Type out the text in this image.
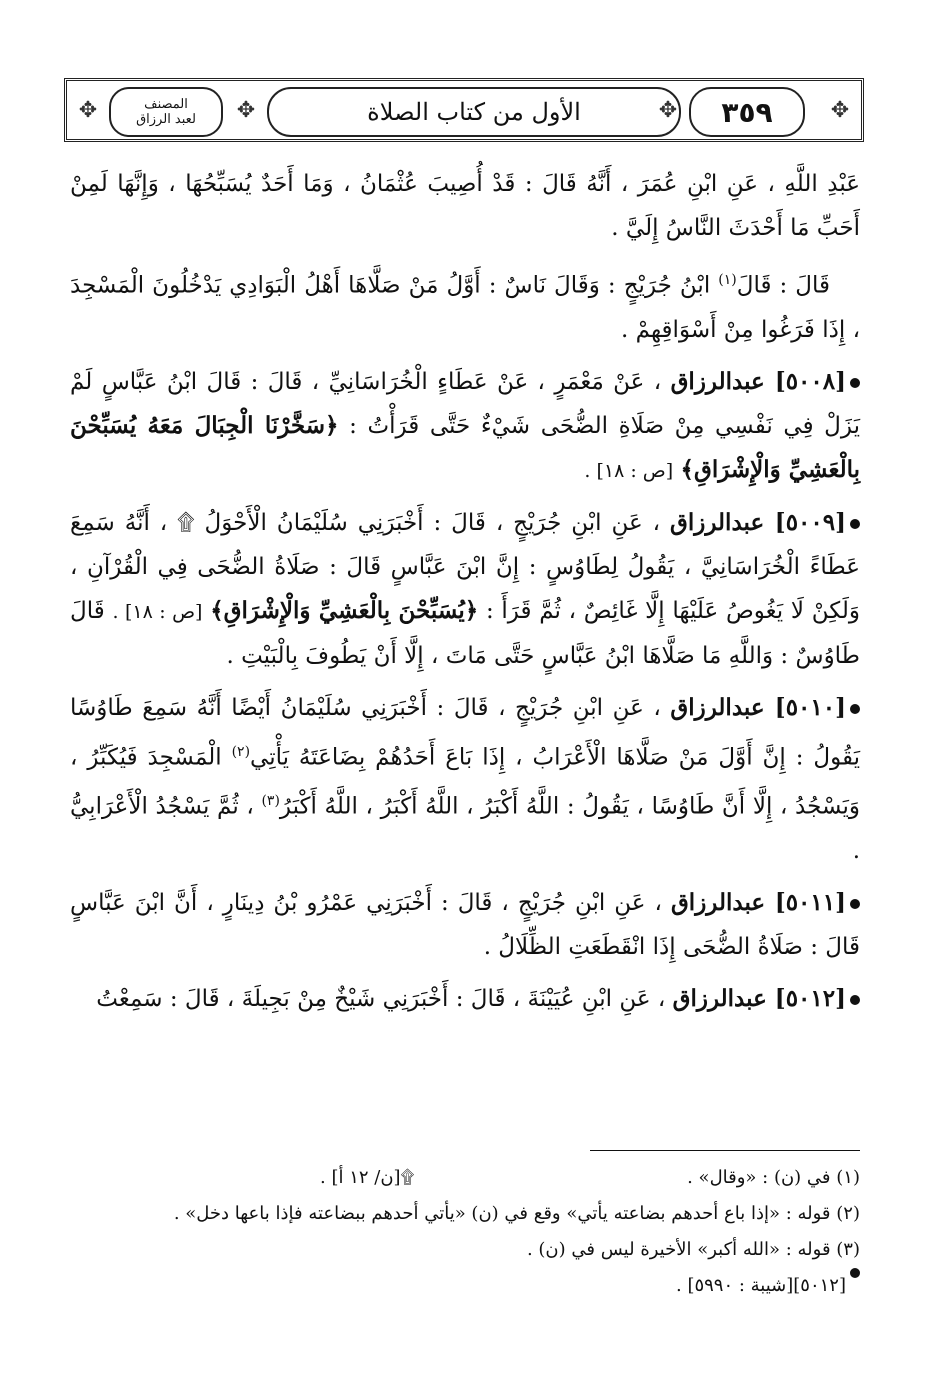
✥	المصنف
لعبد الرزاق	✥	الأول من كتاب الصلاة	✥	٣٥٩	✥

عَبْدِ اللَّهِ ، عَنِ ابْنِ عُمَرَ ، أَنَّهُ قَالَ : قَدْ أُصِيبَ عُثْمَانُ ، وَمَا أَحَدٌ يُسَبِّحُهَا ، وَإِنَّهَا لَمِنْ أَحَبِّ مَا أَحْدَثَ النَّاسُ إِلَيَّ .

قَالَ : قَالَ$^{(١)}$ ابْنُ جُرَيْجٍ : وَقَالَ نَاسٌ : أَوَّلُ مَنْ صَلَّاهَا أَهْلُ الْبَوَادِي يَدْخُلُونَ الْمَسْجِدَ ، إِذَا فَرَغُوا مِنْ أَسْوَاقِهِمْ .

[٥٠٠٨] عبدالرزاق ، عَنْ مَعْمَرٍ ، عَنْ عَطَاءٍ الْخُرَاسَانِيِّ ، قَالَ : قَالَ ابْنُ عَبَّاسٍ لَمْ يَزَلْ فِي نَفْسِي مِنْ صَلَاةِ الضُّحَى شَيْءٌ حَتَّى قَرَأْتُ : ﴿سَخَّرْنَا الْجِبَالَ مَعَهُ يُسَبِّحْنَ بِالْعَشِيِّ وَالْإِشْرَاقِ﴾ [ص : ١٨] .

[٥٠٠٩] عبدالرزاق ، عَنِ ابْنِ جُرَيْجٍ ، قَالَ : أَخْبَرَنِي سُلَيْمَانُ الْأَحْوَلُ ۩ ، أَنَّهُ سَمِعَ عَطَاءً الْخُرَاسَانِيَّ ، يَقُولُ لِطَاوُسٍ : إِنَّ ابْنَ عَبَّاسٍ قَالَ : صَلَاةُ الضُّحَى فِي الْقُرْآنِ ، وَلَكِنْ لَا يَغُوصُ عَلَيْهَا إِلَّا غَائِصٌ ، ثُمَّ قَرَأَ : ﴿يُسَبِّحْنَ بِالْعَشِيِّ وَالْإِشْرَاقِ﴾ [ص : ١٨] . قَالَ طَاوُسٌ : وَاللَّهِ مَا صَلَّاهَا ابْنُ عَبَّاسٍ حَتَّى مَاتَ ، إِلَّا أَنْ يَطُوفَ بِالْبَيْتِ .

[٥٠١٠] عبدالرزاق ، عَنِ ابْنِ جُرَيْجٍ ، قَالَ : أَخْبَرَنِي سُلَيْمَانُ أَيْضًا أَنَّهُ سَمِعَ طَاوُسًا يَقُولُ : إِنَّ أَوَّلَ مَنْ صَلَّاهَا الْأَعْرَابُ ، إِذَا بَاعَ أَحَدُهُمْ بِضَاعَتَهُ يَأْتِي$^{(٢)}$ الْمَسْجِدَ فَيُكَبِّرُ ، وَيَسْجُدُ ، إِلَّا أَنَّ طَاوُسًا ، يَقُولُ : اللَّهُ أَكْبَرُ ، اللَّهُ أَكْبَرُ ، اللَّهُ أَكْبَرُ$^{(٣)}$ ، ثُمَّ يَسْجُدُ الْأَعْرَابِيُّ .

[٥٠١١] عبدالرزاق ، عَنِ ابْنِ جُرَيْجٍ ، قَالَ : أَخْبَرَنِي عَمْرُو بْنُ دِينَارٍ ، أَنَّ ابْنَ عَبَّاسٍ قَالَ : صَلَاةُ الضُّحَى إِذَا انْقَطَعَتِ الظِّلَالُ .

[٥٠١٢] عبدالرزاق ، عَنِ ابْنِ عُيَيْنَةَ ، قَالَ : أَخْبَرَنِي شَيْخٌ مِنْ بَجِيلَةَ ، قَالَ : سَمِعْتُ

(١) في (ن) : «وقال» .
۩[ن/ ١٢ أ] .
(٢) قوله : «إذا باع أحدهم بضاعته يأتي» وقع في (ن) «يأتي أحدهم ببضاعته فإذا باعها دخل» .
(٣) قوله : «الله أكبر» الأخيرة ليس في (ن) .
[٥٠١٢][شيبة : ٥٩٩٠] .
